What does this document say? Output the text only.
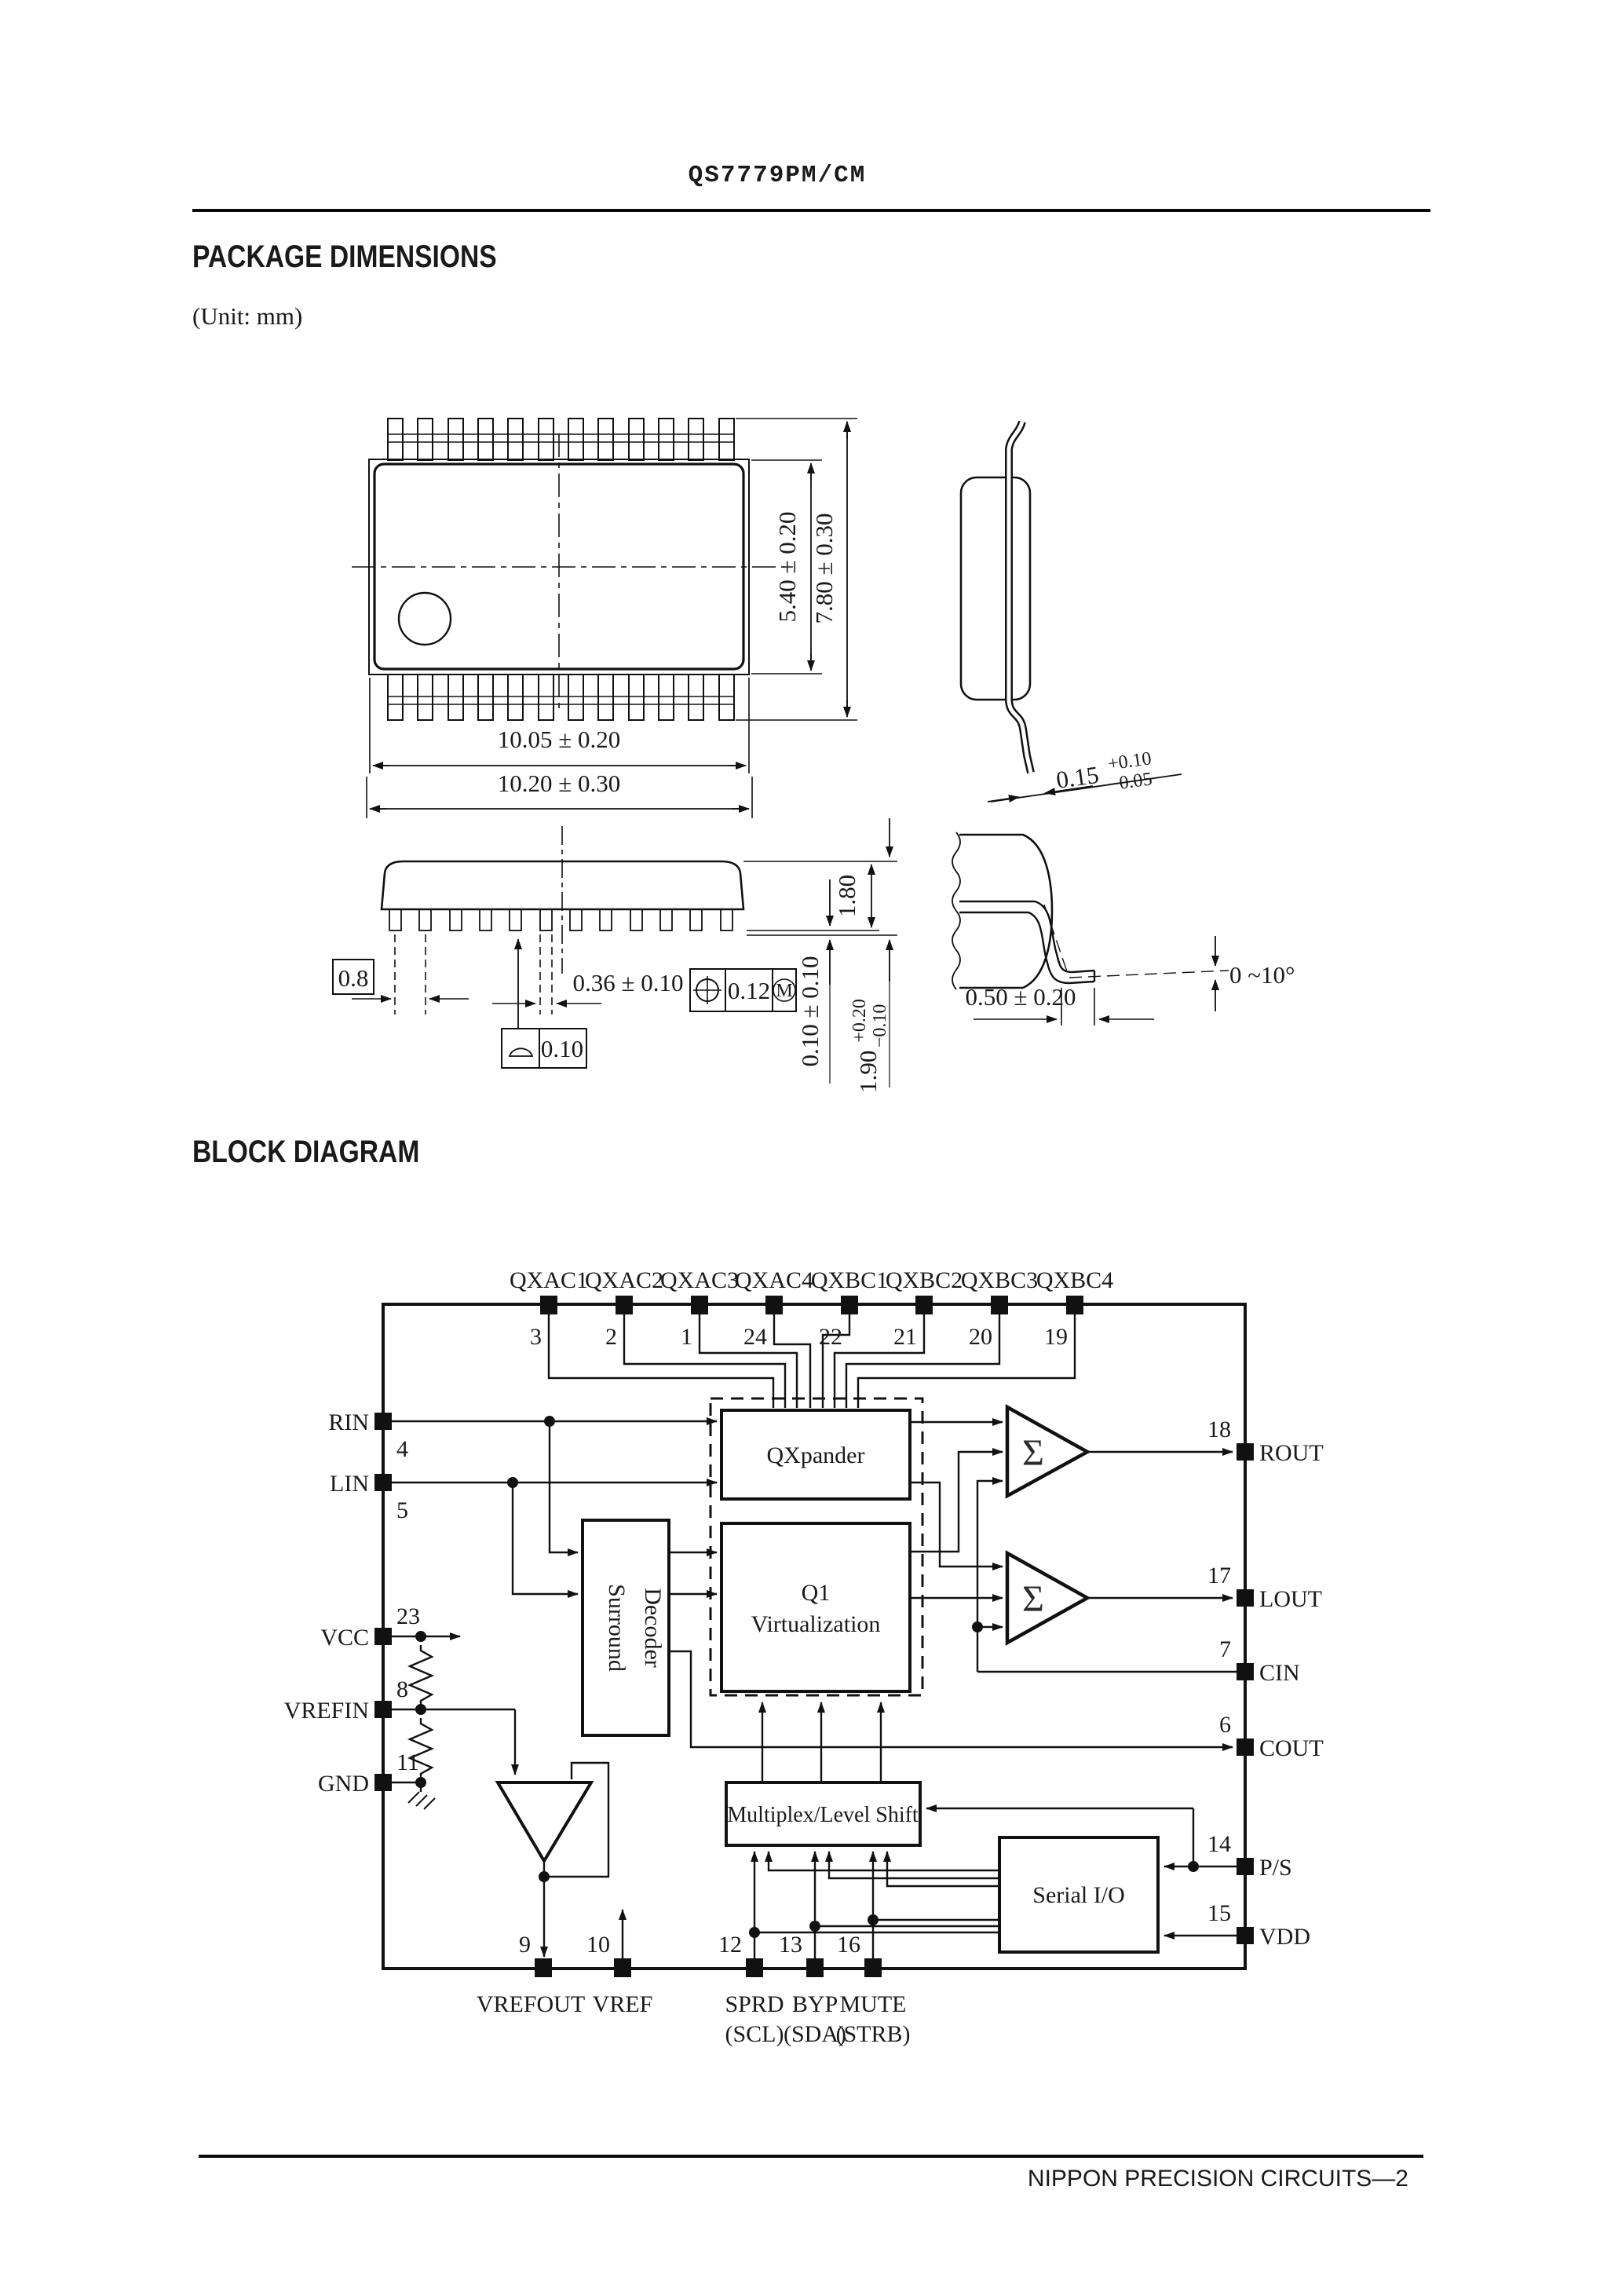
QS7779PM/CM
PACKAGE DIMENSIONS
(Unit: mm)
BLOCK DIAGRAM
NIPPON PRECISION CIRCUITS—2
5.40 ± 0.20 7.80 ± 0.30
10.05 ± 0.20
10.20 ± 0.30	0.15 $^{+0.10}$ −0.05
0.8	0.36 ± 0.10 0.12 M
0.10
1.80
0.10 ± 0.10
1.90 +0.20 −0.10
0.50 ± 0.20
0 ~10°
QXpander
Q1
Virtualization
Surround Decoder
Multiplex/Level Shift
Serial I/O
Σ
Σ
QXAC1
QXAC2
QXAC3
QXAC4
QXBC1
QXBC2
QXBC3
QXBC4
3	2	1 24 22 21 20 19
RIN
LIN
VCC
VREFIN
GND
4
5
23
8
11
ROUT
LOUT
CIN
COUT
P/S
VDD
18
17
7
6
14
15
9 10	12 13 16
VREFOUT VREF	SPRD
(SCL)
BYP
(SDA)
MUTE
(STRB)
